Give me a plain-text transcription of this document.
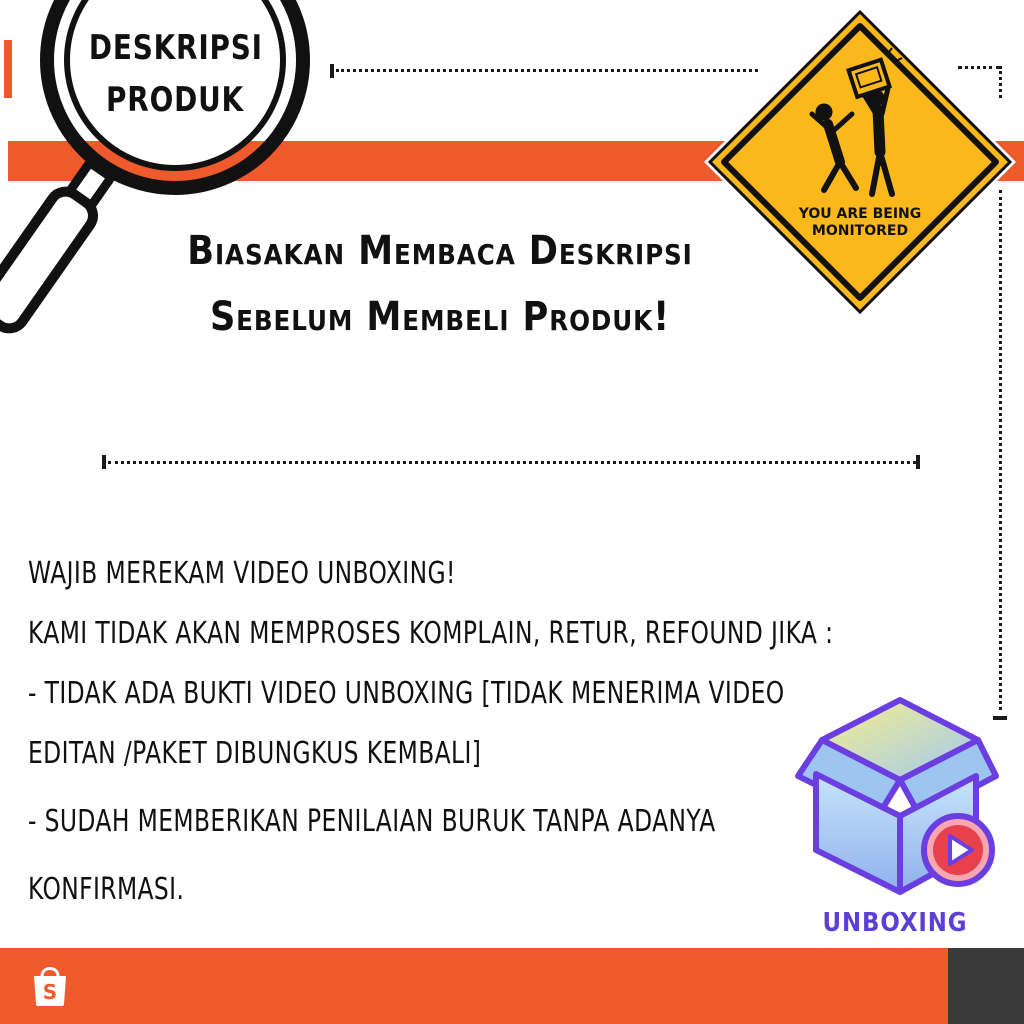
DESKRIPSI
PRODUK
Biasakan Membaca Deskripsi
Sebelum Membeli Produk!
YOU ARE BEING
MONITORED
WAJIB MEREKAM VIDEO UNBOXING!
KAMI TIDAK AKAN MEMPROSES KOMPLAIN, RETUR, REFOUND JIKA :
- TIDAK ADA BUKTI VIDEO UNBOXING [TIDAK MENERIMA VIDEO
EDITAN /PAKET DIBUNGKUS KEMBALI]
- SUDAH MEMBERIKAN PENILAIAN BURUK TANPA ADANYA
KONFIRMASI.
UNBOXING
S
